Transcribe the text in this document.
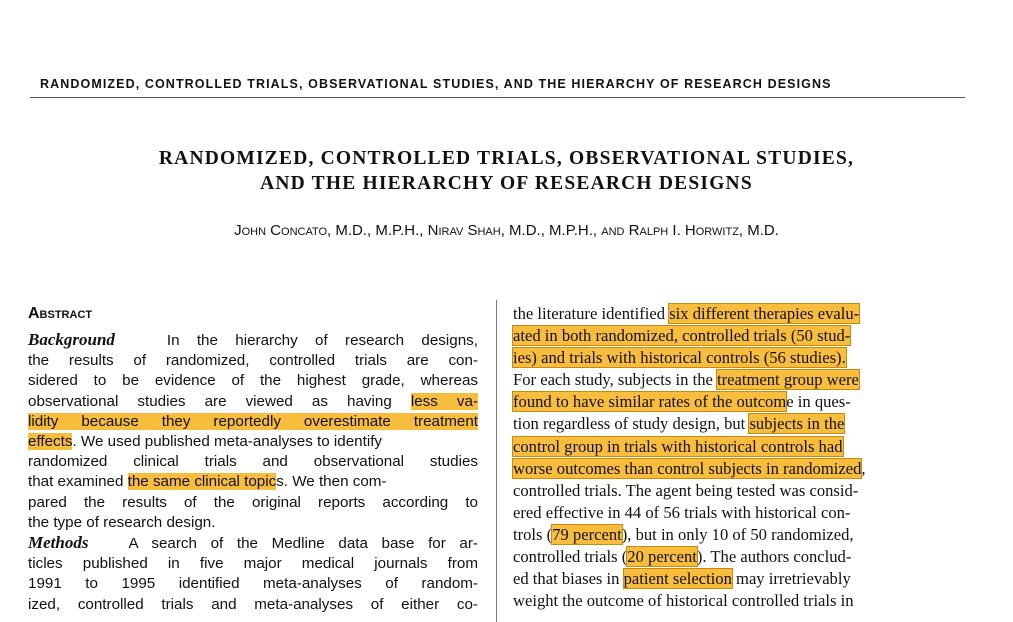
RANDOMIZED, CONTROLLED TRIALS, OBSERVATIONAL STUDIES, AND THE HIERARCHY OF RESEARCH DESIGNS
RANDOMIZED, CONTROLLED TRIALS, OBSERVATIONAL STUDIES,
AND THE HIERARCHY OF RESEARCH DESIGNS
John Concato, M.D., M.P.H., Nirav Shah, M.D., M.P.H., and Ralph I. Horwitz, M.D.
Abstract
Background	In the hierarchy of research designs,
the results of randomized, controlled trials are con-
sidered to be evidence of the highest grade, whereas
observational studies are viewed as having less va-
lidity because they reportedly overestimate treatment
effects. We used published meta-analyses to identify
randomized clinical trials and observational studies
that examined the same clinical topics. We then com-
pared the results of the original reports according to
the type of research design.
Methods	A search of the Medline data base for ar-
ticles published in five major medical journals from
1991 to 1995 identified meta-analyses of random-
ized, controlled trials and meta-analyses of either co-
the literature identified six different therapies evalu-
ated in both randomized, controlled trials (50 stud-
ies) and trials with historical controls (56 studies).
For each study, subjects in the treatment group were
found to have similar rates of the outcome in ques-
tion regardless of study design, but subjects in the
control group in trials with historical controls had
worse outcomes than control subjects in randomized,
controlled trials. The agent being tested was consid-
ered effective in 44 of 56 trials with historical con-
trols (79 percent), but in only 10 of 50 randomized,
controlled trials (20 percent). The authors conclud-
ed that biases in patient selection may irretrievably
weight the outcome of historical controlled trials in
